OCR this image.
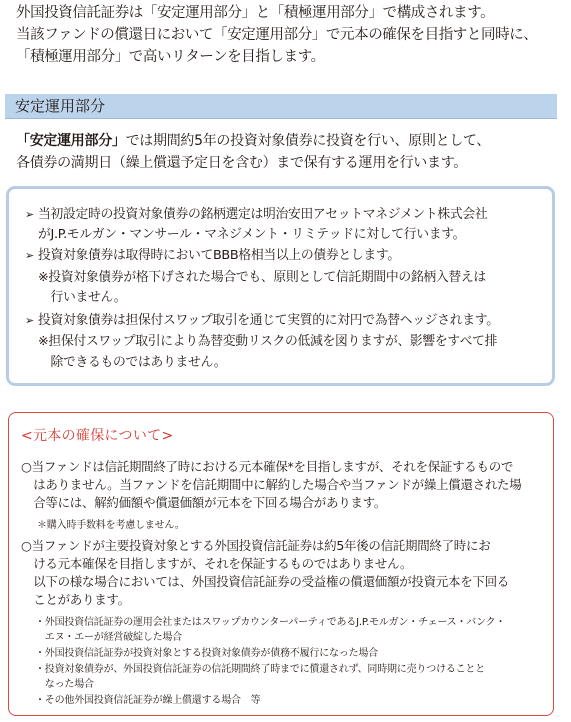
外国投資信託証券は「安定運用部分」と「積極運用部分」で構成されます。

当該ファンドの償還日において「安定運用部分」で元本の確保を目指すと同時に、

「積極運用部分」で高いリターンを目指します。

安定運用部分

「安定運用部分」では期間約5年の投資対象債券に投資を行い、原則として、

各債券の満期日（繰上償還予定日を含む）まで保有する運用を行います。

➢ 当初設定時の投資対象債券の銘柄選定は明治安田アセットマネジメント株式会社
がJ.P.モルガン・マンサール・マネジメント・リミテッドに対して行います。
➢ 投資対象債券は取得時においてBBB格相当以上の債券とします。
※投資対象債券が格下げされた場合でも、原則として信託期間中の銘柄入替えは
　行いません。
➢ 投資対象債券は担保付スワップ取引を通じて実質的に対円で為替ヘッジされます。
※担保付スワップ取引により為替変動リスクの低減を図りますが、影響をすべて排
　除できるものではありません。
<元本の確保について>
○当ファンドは信託期間終了時における元本確保*を目指しますが、それを保証するもので
　はありません。当ファンドを信託期間中に解約した場合や当ファンドが繰上償還された場
　合等には、解約価額や償還価額が元本を下回る場合があります。
＊購入時手数料を考慮しません。
○当ファンドが主要投資対象とする外国投資信託証券は約5年後の信託期間終了時にお
　ける元本確保を目指しますが、それを保証するものではありません。
　以下の様な場合においては、外国投資信託証券の受益権の償還価額が投資元本を下回る
　ことがあります。
・外国投資信託証券の運用会社またはスワップカウンターパーティであるJ.P.モルガン・チェース・バンク・
　エヌ・エーが経営破綻した場合
・外国投資信託証券が投資対象とする投資対象債券が債務不履行になった場合
・投資対象債券が、外国投資信託証券の信託期間終了時までに償還されず、同時期に売りつけることと
　なった場合
・その他外国投資信託証券が繰上償還する場合　等
